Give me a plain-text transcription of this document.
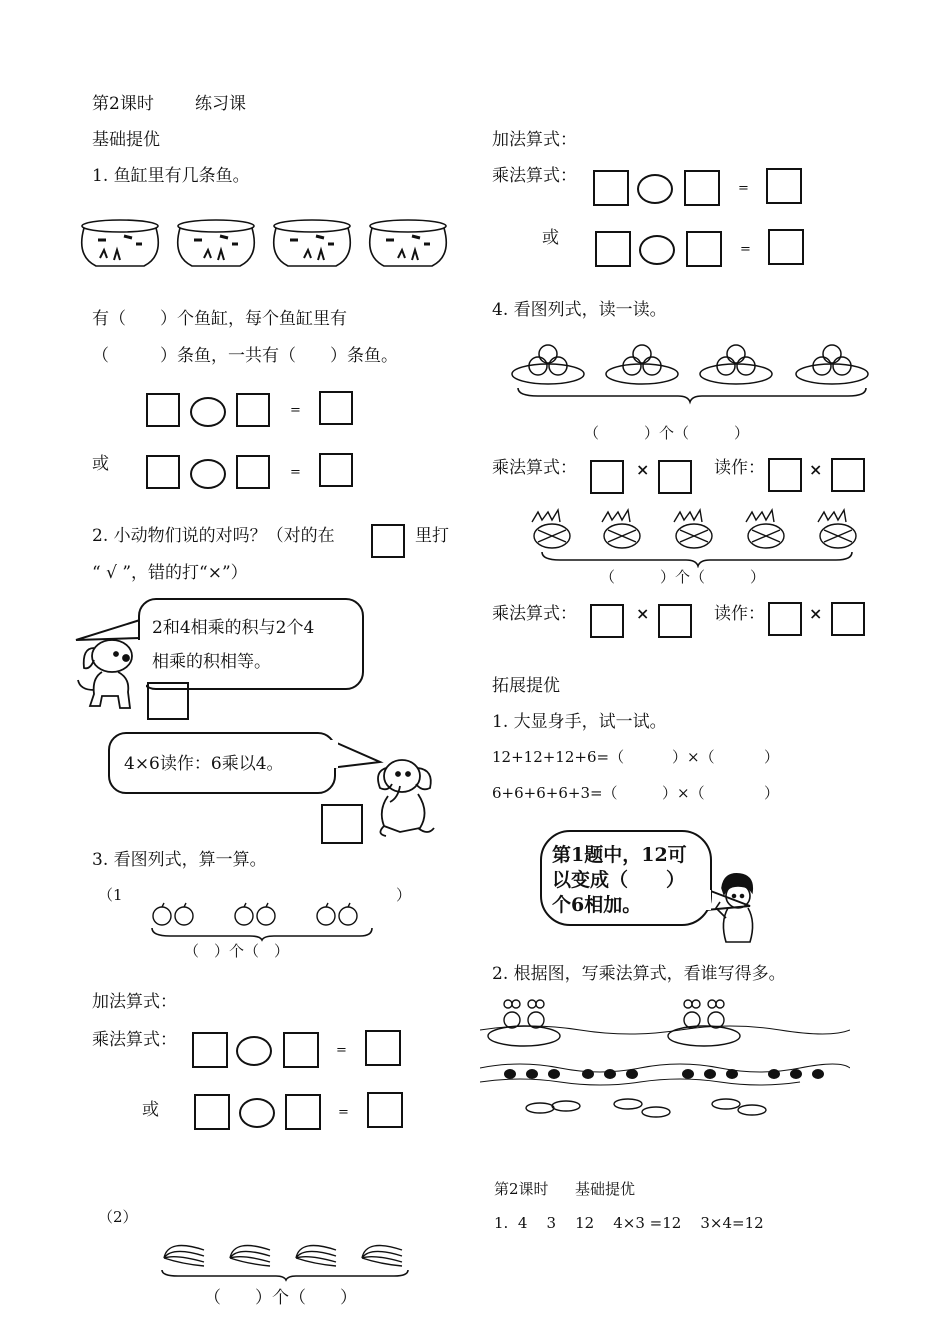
第2课时 练习课
基础提优
1. 鱼缸里有几条鱼。
有（　　）个鱼缸，每个鱼缸里有
（　　　）条鱼，一共有（　　）条鱼。
=
或	=
2. 小动物们说的对吗？（对的在	里打
“ √ ”，错的打“×”）
2和4相乘的积与2个4
相乘的积相等。
4×6读作：6乘以4。
3. 看图列式，算一算。
（1	）
（　）个（　）
加法算式：
乘法算式：
=
或	=
（2）
（　　）个（　　）
加法算式：
乘法算式：
=
或
=
4. 看图列式，读一读。
（　　　）个（　　　）
乘法算式：	×	读作：	×
（　　　）个（　　　）
乘法算式：	×	读作：	×
拓展提优
1. 大显身手，试一试。
12+12+12+6=（	）×（	）
6+6+6+6+3=（	）×（	）
第1题中，12可
以变成（　　）
个6相加。
2. 根据图，写乘法算式，看谁写得多。
第2课时 基础提优
1.  4    3    12    4×3 =12    3×4=12
